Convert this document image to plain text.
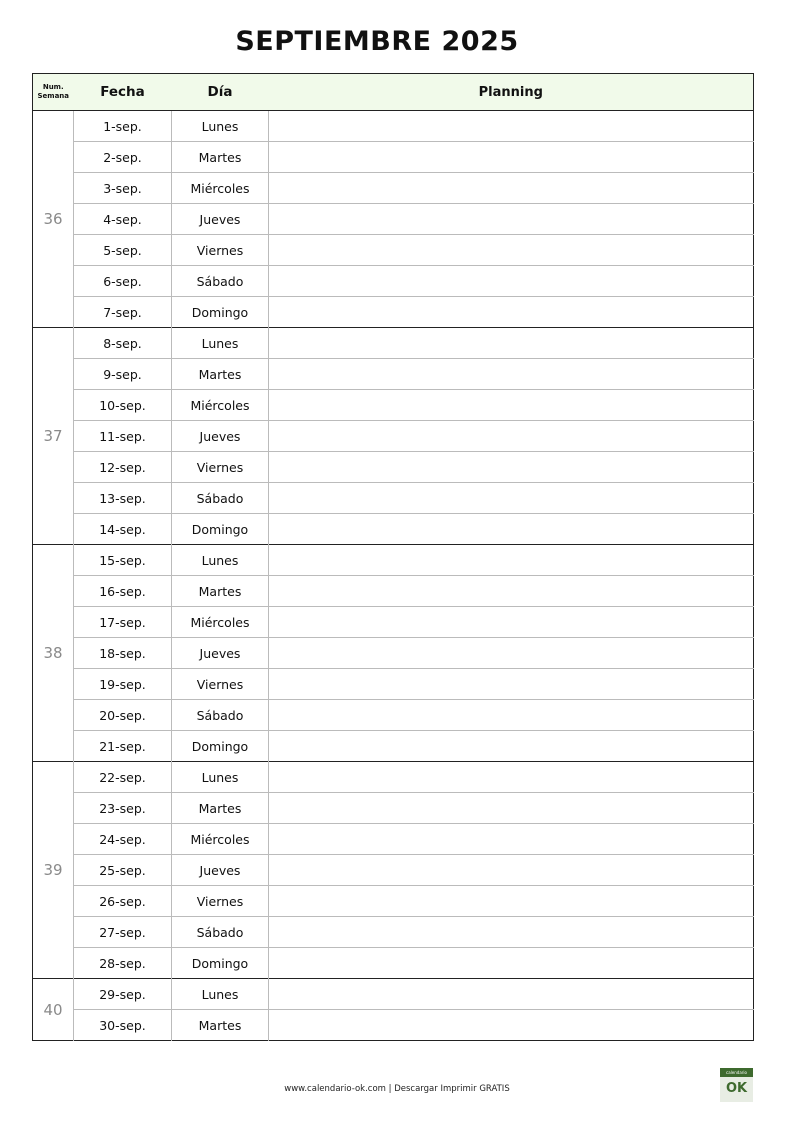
SEPTIEMBRE 2025
Num.
Semana	Fecha	Día	Planning
36	1-sep.	Lunes	
	2-sep.	Martes	
	3-sep.	Miércoles	
	4-sep.	Jueves	
	5-sep.	Viernes	
	6-sep.	Sábado	
	7-sep.	Domingo	
37	8-sep.	Lunes	
	9-sep.	Martes	
	10-sep.	Miércoles	
	11-sep.	Jueves	
	12-sep.	Viernes	
	13-sep.	Sábado	
	14-sep.	Domingo	
38	15-sep.	Lunes	
	16-sep.	Martes	
	17-sep.	Miércoles	
	18-sep.	Jueves	
	19-sep.	Viernes	
	20-sep.	Sábado	
	21-sep.	Domingo	
39	22-sep.	Lunes	
	23-sep.	Martes	
	24-sep.	Miércoles	
	25-sep.	Jueves	
	26-sep.	Viernes	
	27-sep.	Sábado	
	28-sep.	Domingo	
40	29-sep.	Lunes	
	30-sep.	Martes	
www.calendario-ok.com | Descargar Imprimir GRATIS
calendario
OK
